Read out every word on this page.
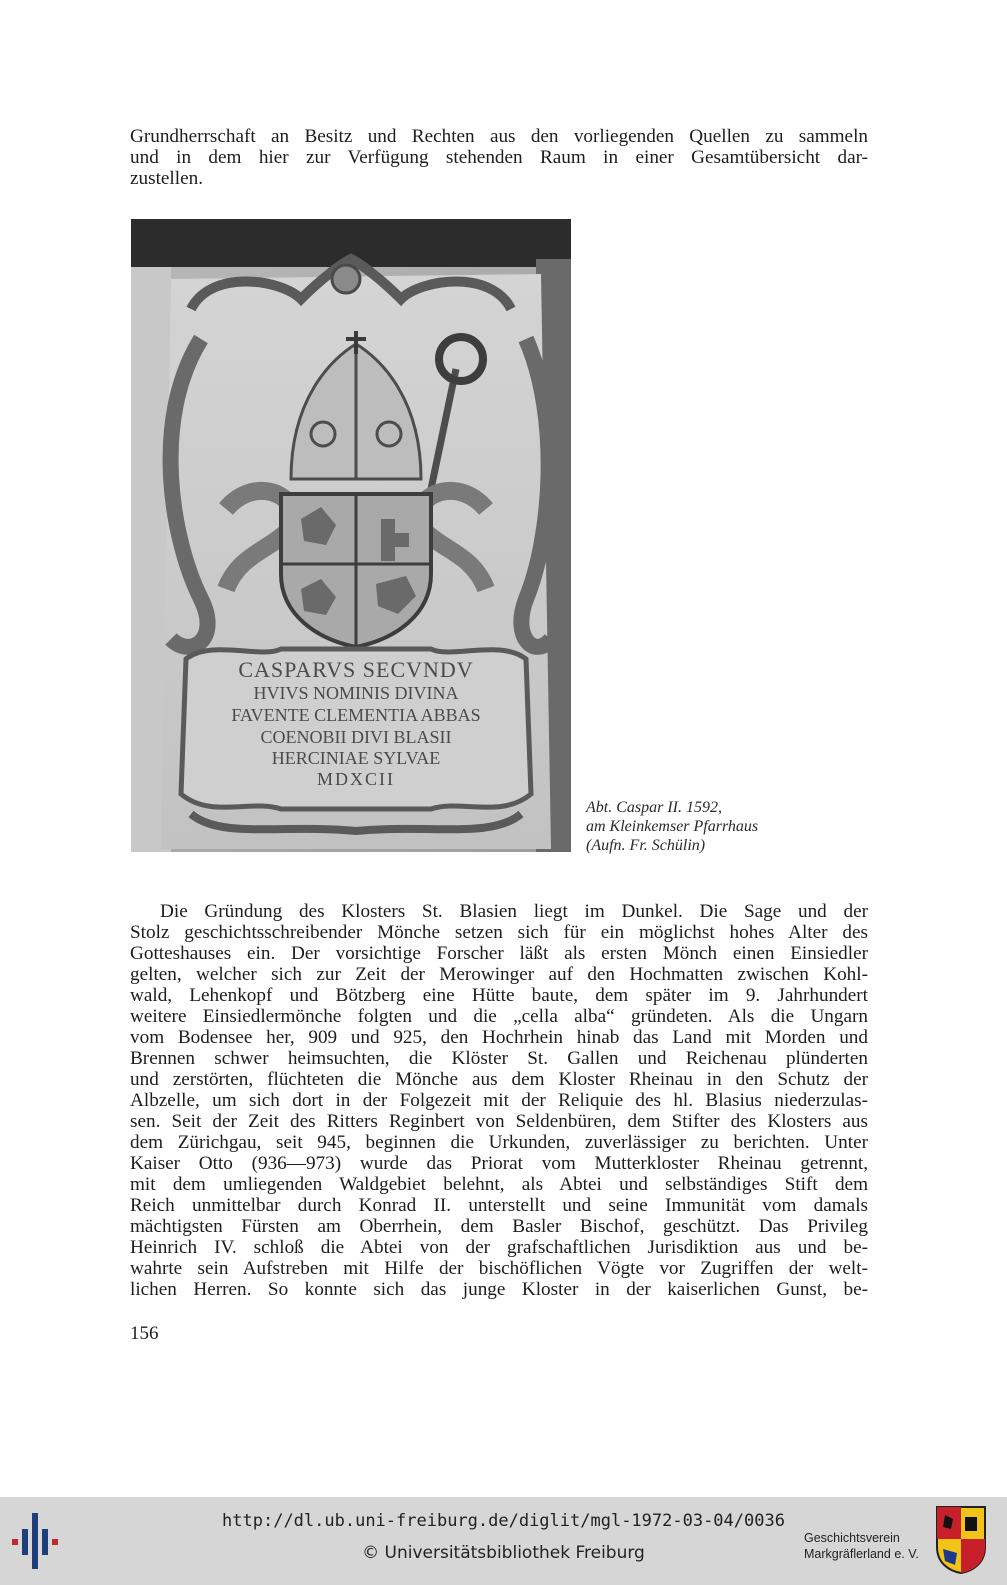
Grundherrschaft an Besitz und Rechten aus den vorliegenden Quellen zu sammeln
und in dem hier zur Verfügung stehenden Raum in einer Gesamtübersicht dar-
zustellen.

CASPARVS SECVNDV
HVIVS NOMINIS DIVINA
FAVENTE CLEMENTIA ABBAS
COENOBII DIVI BLASII
HERCINIAE SYLVAE
MDXCII
Abt. Caspar II. 1592,
am Kleinkemser Pfarrhaus
(Aufn. Fr. Schülin)

Die Gründung des Klosters St. Blasien liegt im Dunkel. Die Sage und der
Stolz geschichtsschreibender Mönche setzen sich für ein möglichst hohes Alter des
Gotteshauses ein. Der vorsichtige Forscher läßt als ersten Mönch einen Einsiedler
gelten, welcher sich zur Zeit der Merowinger auf den Hochmatten zwischen Kohl-
wald, Lehenkopf und Bötzberg eine Hütte baute, dem später im 9. Jahrhundert
weitere Einsiedlermönche folgten und die „cella alba“ gründeten. Als die Ungarn
vom Bodensee her, 909 und 925, den Hochrhein hinab das Land mit Morden und
Brennen schwer heimsuchten, die Klöster St. Gallen und Reichenau plünderten
und zerstörten, flüchteten die Mönche aus dem Kloster Rheinau in den Schutz der
Albzelle, um sich dort in der Folgezeit mit der Reliquie des hl. Blasius niederzulas-
sen. Seit der Zeit des Ritters Reginbert von Seldenbüren, dem Stifter des Klosters aus
dem Zürichgau, seit 945, beginnen die Urkunden, zuverlässiger zu berichten. Unter
Kaiser Otto (936—973) wurde das Priorat vom Mutterkloster Rheinau getrennt,
mit dem umliegenden Waldgebiet belehnt, als Abtei und selbständiges Stift dem
Reich unmittelbar durch Konrad II. unterstellt und seine Immunität vom damals
mächtigsten Fürsten am Oberrhein, dem Basler Bischof, geschützt. Das Privileg
Heinrich IV. schloß die Abtei von der grafschaftlichen Jurisdiktion aus und be-
wahrte sein Aufstreben mit Hilfe der bischöflichen Vögte vor Zugriffen der welt-
lichen Herren. So konnte sich das junge Kloster in der kaiserlichen Gunst, be-

156
http://dl.ub.uni-freiburg.de/diglit/mgl-1972-03-04/0036
© Universitätsbibliothek Freiburg
Geschichtsverein
Markgräflerland e. V.
